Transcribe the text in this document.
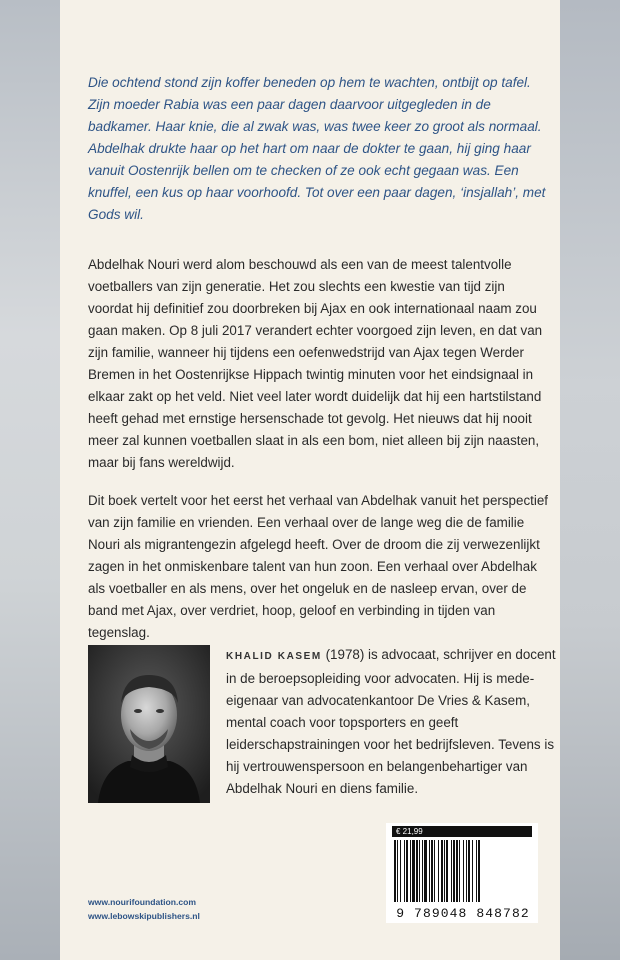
Die ochtend stond zijn koffer beneden op hem te wachten, ontbijt op tafel. Zijn moeder Rabia was een paar dagen daarvoor uitgegleden in de badkamer. Haar knie, die al zwak was, was twee keer zo groot als normaal. Abdelhak drukte haar op het hart om naar de dokter te gaan, hij ging haar vanuit Oostenrijk bellen om te checken of ze ook echt gegaan was. Een knuffel, een kus op haar voorhoofd. Tot over een paar dagen, ‘insjallah’, met Gods wil.

Abdelhak Nouri werd alom beschouwd als een van de meest talentvolle voetballers van zijn generatie. Het zou slechts een kwestie van tijd zijn voordat hij definitief zou doorbreken bij Ajax en ook internationaal naam zou gaan maken. Op 8 juli 2017 verandert echter voorgoed zijn leven, en dat van zijn familie, wanneer hij tijdens een oefenwedstrijd van Ajax tegen Werder Bremen in het Oostenrijkse Hippach twintig minuten voor het eindsignaal in elkaar zakt op het veld. Niet veel later wordt duidelijk dat hij een hartstilstand heeft gehad met ernstige hersenschade tot gevolg. Het nieuws dat hij nooit meer zal kunnen voetballen slaat in als een bom, niet alleen bij zijn naasten, maar bij fans wereldwijd.

Dit boek vertelt voor het eerst het verhaal van Abdelhak vanuit het perspectief van zijn familie en vrienden. Een verhaal over de lange weg die de familie Nouri als migrantengezin afgelegd heeft. Over de droom die zij verwezenlijkt zagen in het onmiskenbare talent van hun zoon. Een verhaal over Abdelhak als voetballer en als mens, over het ongeluk en de nasleep ervan, over de band met Ajax, over verdriet, hoop, geloof en verbinding in tijden van tegenslag.

KHALID KASEM (1978) is advocaat, schrijver en docent in de beroepsopleiding voor advocaten. Hij is mede-eigenaar van advocatenkantoor De Vries & Kasem, mental coach voor topsporters en geeft leiderschapstrainingen voor het bedrijfsleven. Tevens is hij vertrouwenspersoon en belangenbehartiger van Abdelhak Nouri en diens familie.

www.nourifoundation.com
www.lebowskipublishers.nl
€ 21,99
9 789048 848782
